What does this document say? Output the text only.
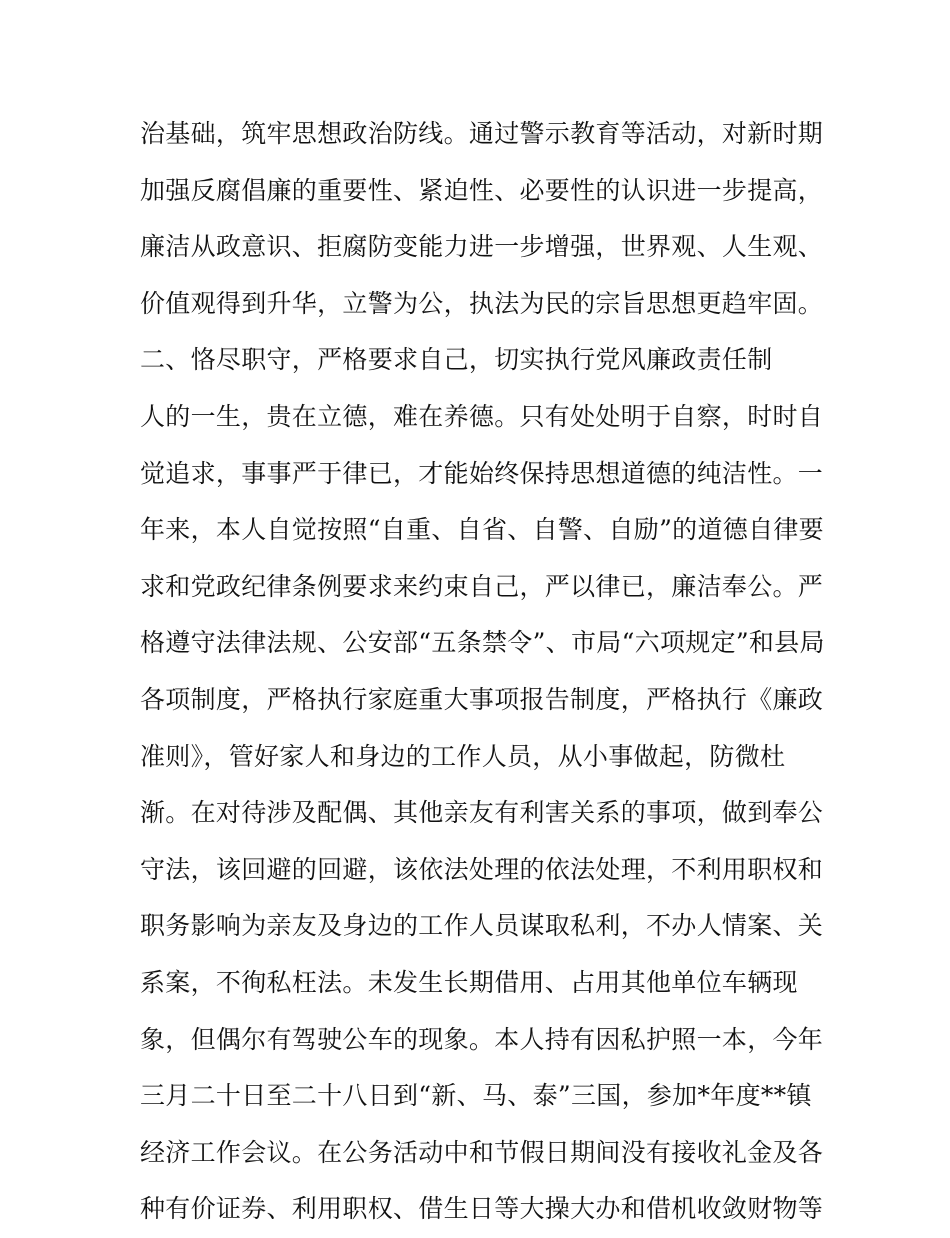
治基础，筑牢思想政治防线。通过警示教育等活动，对新时期
加强反腐倡廉的重要性、紧迫性、必要性的认识进一步提高，
廉洁从政意识、拒腐防变能力进一步增强，世界观、人生观、
价值观得到升华，立警为公，执法为民的宗旨思想更趋牢固。
二、恪尽职守，严格要求自己，切实执行党风廉政责任制
人的一生，贵在立德，难在养德。只有处处明于自察，时时自
觉追求，事事严于律已，才能始终保持思想道德的纯洁性。一
年来，本人自觉按照“自重、自省、自警、自励”的道德自律要
求和党政纪律条例要求来约束自己，严以律已，廉洁奉公。严
格遵守法律法规、公安部“五条禁令”、市局“六项规定”和县局
各项制度，严格执行家庭重大事项报告制度，严格执行《廉政
准则》，管好家人和身边的工作人员，从小事做起，防微杜
渐。在对待涉及配偶、其他亲友有利害关系的事项，做到奉公
守法，该回避的回避，该依法处理的依法处理，不利用职权和
职务影响为亲友及身边的工作人员谋取私利，不办人情案、关
系案，不徇私枉法。未发生长期借用、占用其他单位车辆现
象，但偶尔有驾驶公车的现象。本人持有因私护照一本，今年
三月二十日至二十八日到“新、马、泰”三国，参加*年度**镇
经济工作会议。在公务活动中和节假日期间没有接收礼金及各
种有价证券、利用职权、借生日等大操大办和借机收敛财物等
